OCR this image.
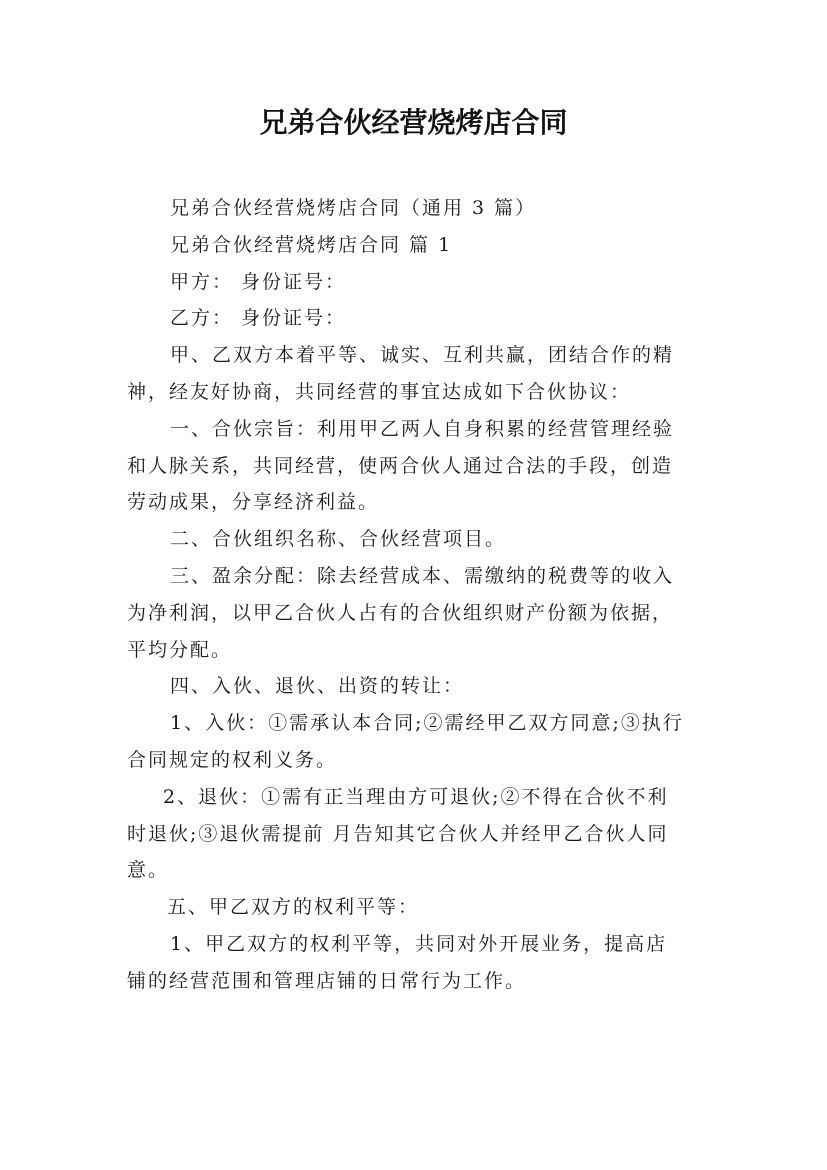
兄弟合伙经营烧烤店合同
兄弟合伙经营烧烤店合同（通用 3 篇）
兄弟合伙经营烧烤店合同 篇 1
甲方： 身份证号：
乙方： 身份证号：
甲、乙双方本着平等、诚实、互利共赢，团结合作的精
神，经友好协商，共同经营的事宜达成如下合伙协议：
一、合伙宗旨：利用甲乙两人自身积累的经营管理经验
和人脉关系，共同经营，使两合伙人通过合法的手段，创造
劳动成果，分享经济利益。
二、合伙组织名称、合伙经营项目。
三、盈余分配：除去经营成本、需缴纳的税费等的收入
为净利润，以甲乙合伙人占有的合伙组织财产份额为依据，
平均分配。
四、入伙、退伙、出资的转让：
1、入伙：①需承认本合同;②需经甲乙双方同意;③执行
合同规定的权利义务。
2、退伙：①需有正当理由方可退伙;②不得在合伙不利
时退伙;③退伙需提前 月告知其它合伙人并经甲乙合伙人同
意。
五、甲乙双方的权利平等：
1、甲乙双方的权利平等，共同对外开展业务，提高店
铺的经营范围和管理店铺的日常行为工作。
